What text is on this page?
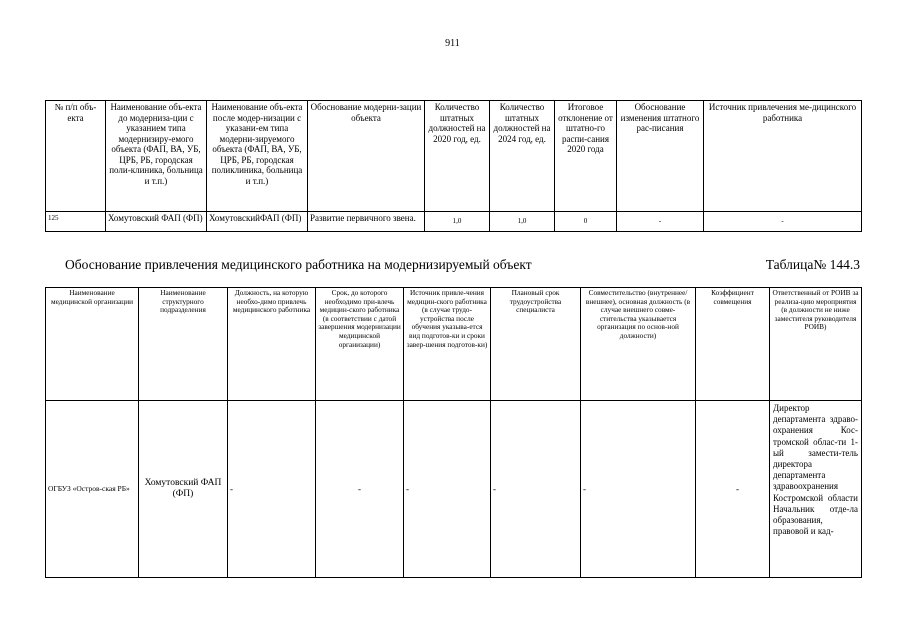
911
№ п/п объ-екта	Наименование объ-екта до модерниза-ции с указанием типа модернизиру-емого объекта (ФАП, ВА, УБ, ЦРБ, РБ, городская поли-клиника, больница и т.п.)	Наименование объ-екта после модер-низации с указани-ем типа модерни-зируемого объекта (ФАП, ВА, УБ, ЦРБ, РБ, городская поликлиника, больница и т.п.)	Обоснование модерни-зации объекта	Количество штатных должностей на 2020 год, ед.	Количество штатных должностей на 2024 год, ед.	Итоговое отклонение от штатно-го распи-сания 2020 года	Обоснование изменения штатного рас-писания	Источник привлечения ме-дицинского работника
125	Хомутовский ФАП (ФП)	ХомутовскийФАП (ФП)	Развитие первичного звена.	1,0	1,0	0	-	-
Обоснование привлечения медицинского работника на модернизируемый объект	Таблица№ 144.3
Наименование медицинской организации	Наименование структурного подразделения	Должность, на которую необхо-димо привлечь медицинского работника	Срок, до которого необходимо при-влечь медицин-ского работника (в соответствии с датой завершения модернизации медицинской организации)	Источник привле-чения медицин-ского работника (в случае трудо-устройства после обучения указыва-ется вид подготов-ки и сроки завер-шения подготов-ки)	Плановый срок трудоустройства специалиста	Совместительство (внутреннее/внешнее), основная должность (в случае внешнего совме-стительства указывается организация по основ-ной должности)	Коэффициент совмещения	Ответственный от РОИВ за реализа-цию мероприятия (в должности не ниже заместителя руководителя РОИВ)
ОГБУЗ «Остров-ская РБ»	Хомутовский ФАП (ФП)	-	-	-	-	-	-	Директор департамента здраво-охранения Кос-тромской облас-ти 1-ый замести-тель директора департамента здравоохранения Костромской области Начальник отде-ла образования, правовой и кад-
